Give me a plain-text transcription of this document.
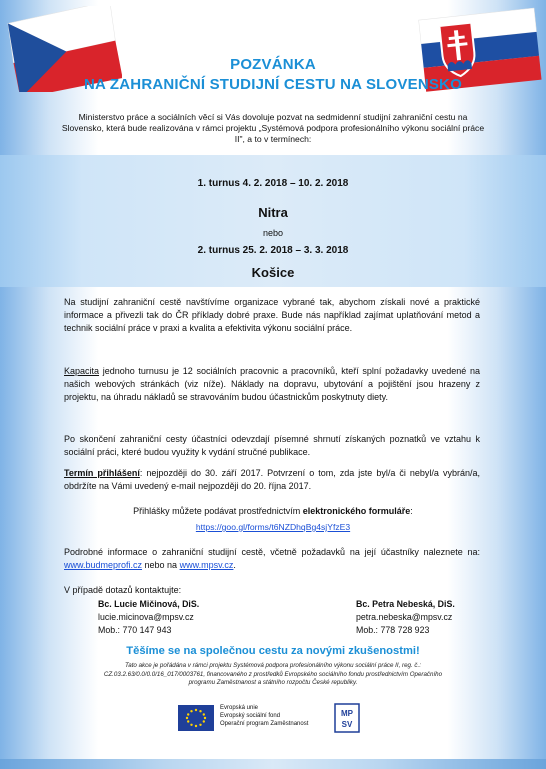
POZVÁNKA
NA ZAHRANIČNÍ STUDIJNÍ CESTU NA SLOVENSKO
Ministerstvo práce a sociálních věcí si Vás dovoluje pozvat na sedmidenní studijní zahraniční cestu na Slovensko, která bude realizována v rámci projektu „Systémová podpora profesionálního výkonu sociální práce II", a to v termínech:
1. turnus 4. 2. 2018 – 10. 2. 2018
Nitra
nebo
2. turnus 25. 2. 2018 – 3. 3. 2018
Košice
Na studijní zahraniční cestě navštívíme organizace vybrané tak, abychom získali nové a praktické informace a přivezli tak do ČR příklady dobré praxe. Bude nás například zajímat uplatňování metod a technik sociální práce v praxi a kvalita a efektivita výkonu sociální práce.
Kapacita jednoho turnusu je 12 sociálních pracovnic a pracovníků, kteří splní požadavky uvedené na našich webových stránkách (viz níže). Náklady na dopravu, ubytování a pojištění jsou hrazeny z projektu, na úhradu nákladů se stravováním budou účastnickům poskytnuty diety.
Po skončení zahraniční cesty účastníci odevzdají písemné shrnutí získaných poznatků ve vztahu k sociální práci, které budou využity k vydání stručné publikace.
Termín přihlášení: nejpozději do 30. září 2017. Potvrzení o tom, zda jste byl/a či nebyl/a vybrán/a, obdržíte na Vámi uvedený e-mail nejpozději do 20. října 2017.
Přihlášky můžete podávat prostřednictvím elektronického formuláře:
https://goo.gl/forms/t6NZDhqBg4sjYfzE3
Podrobné informace o zahraniční studijní cestě, včetně požadavků na její účastníky naleznete na: www.budmeprofi.cz nebo na www.mpsv.cz.
V případě dotazů kontaktujte:
Bc. Lucie Mičinová, DiS.
lucie.micinova@mpsv.cz
Mob.: 770 147 943
Bc. Petra Nebeská, DiS.
petra.nebeska@mpsv.cz
Mob.: 778 728 923
Těšíme se na společnou cestu za novými zkušenostmi!
Tato akce je pořádána v rámci projektu Systémová podpora profesionálního výkonu sociální práce II, reg. č.: CZ.03.2.63/0.0/0.0/16_017/0003761, financovaného z prostředků Evropského sociálního fondu prostřednictvím Operačního programu Zaměstnanost a státního rozpočtu České republiky.
Evropská unie
Evropský sociální fond
Operační program Zaměstnanost
MP
SV
